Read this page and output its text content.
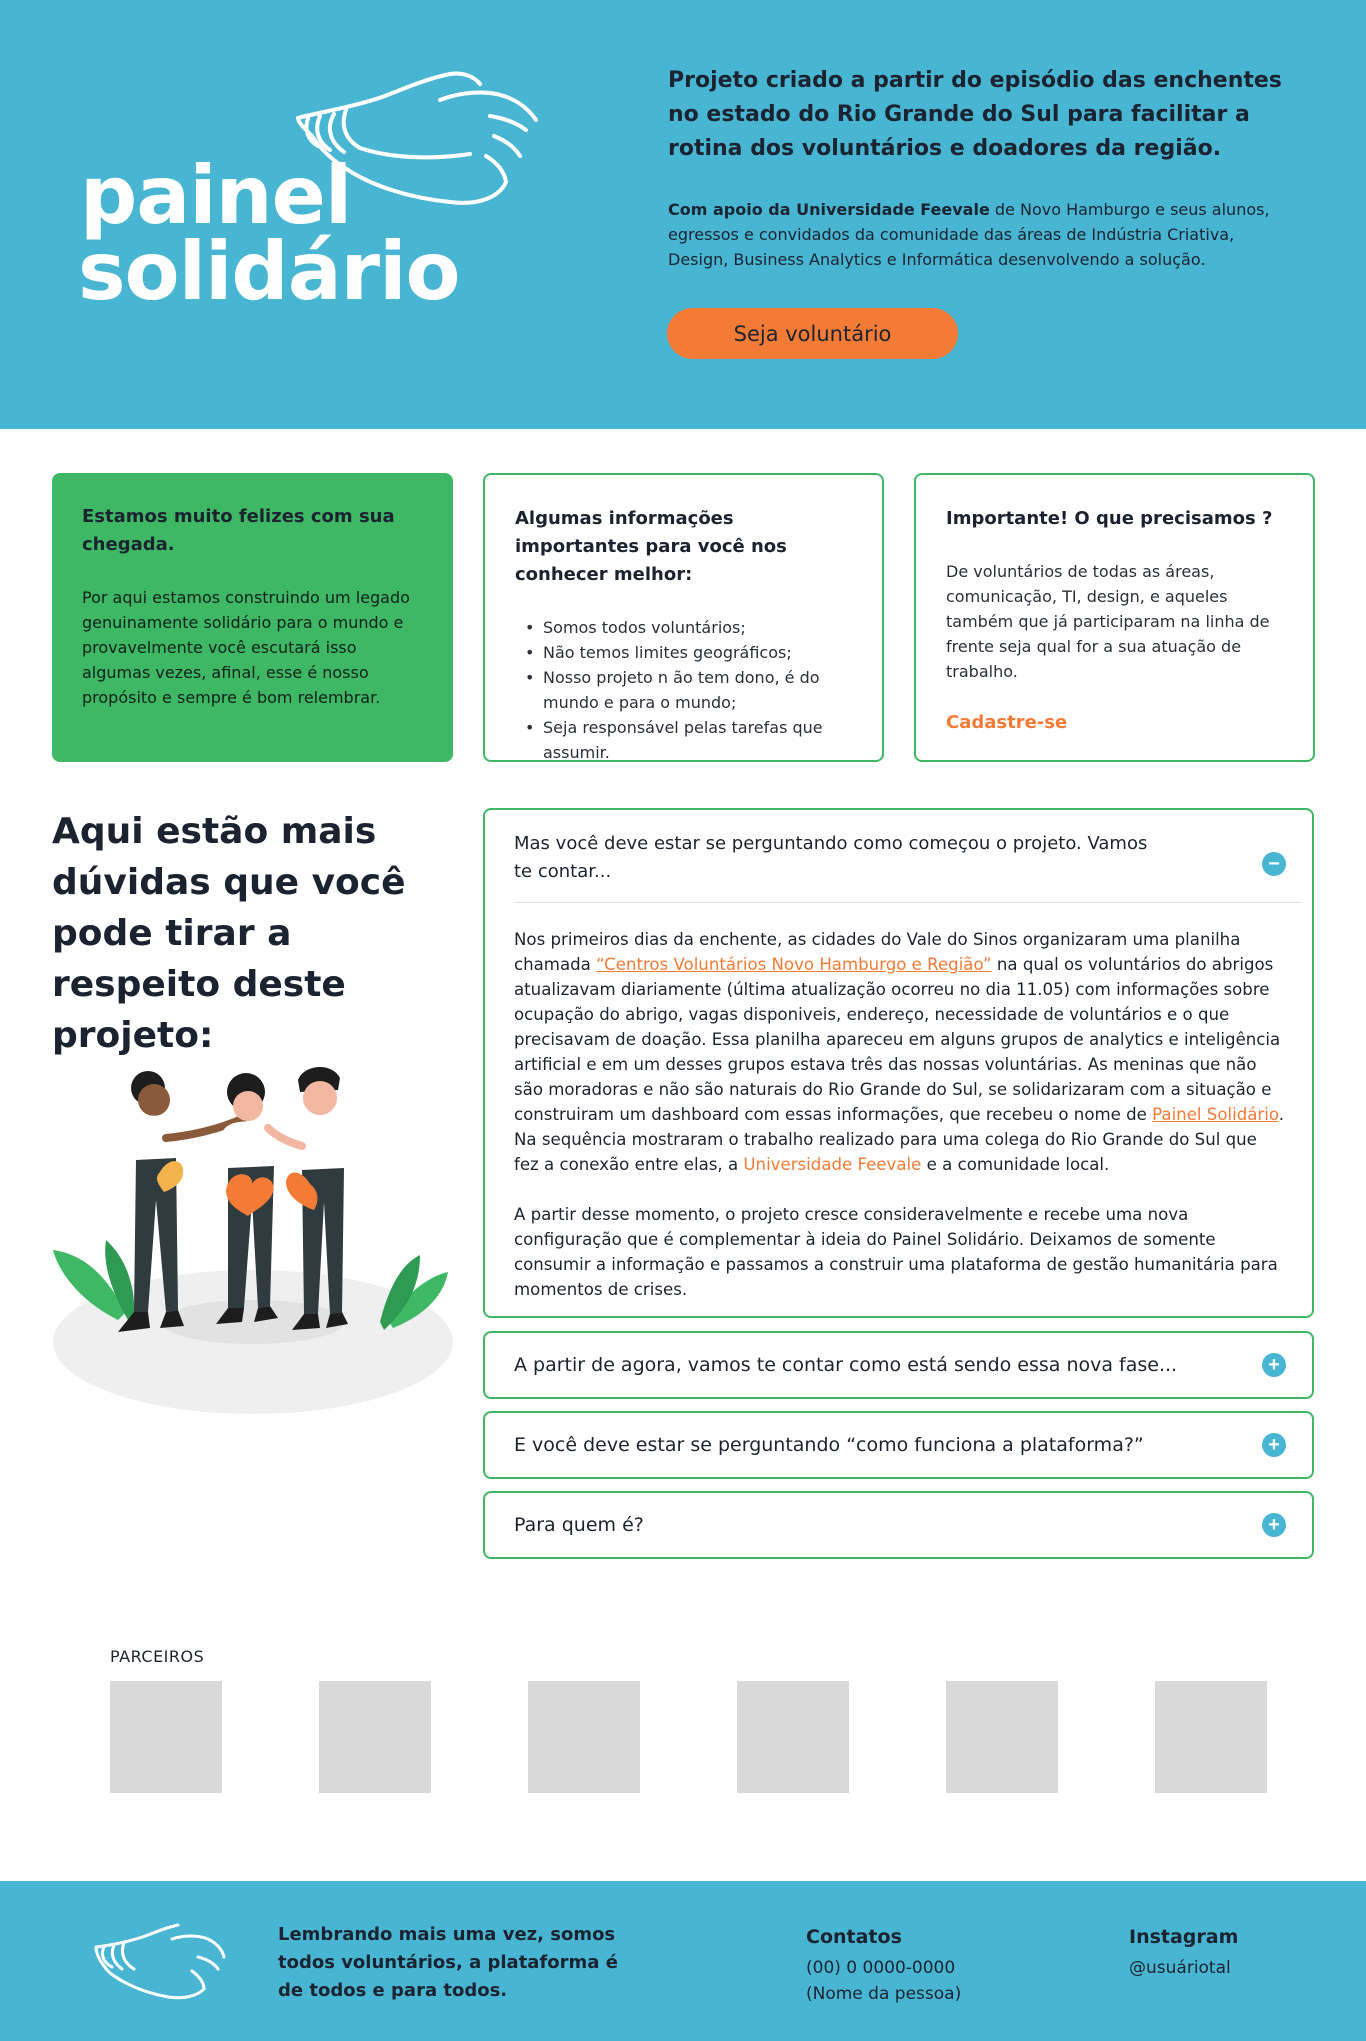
painel
solidário

Projeto criado a partir do episódio das enchentes no estado do Rio Grande do Sul para facilitar a rotina dos voluntários e doadores da região.

Com apoio da Universidade Feevale de Novo Hamburgo e seus alunos, egressos e convidados da comunidade das áreas de Indústria Criativa, Design, Business Analytics e Informática desenvolvendo a solução.

Seja voluntário
Estamos muito felizes com sua chegada.

Por aqui estamos construindo um legado genuinamente solidário para o mundo e provavelmente você escutará isso algumas vezes, afinal, esse é nosso propósito e sempre é bom relembrar.

Algumas informações importantes para você nos conhecer melhor:
• Somos todos voluntários;
• Não temos limites geográficos;
• Nosso projeto n ão tem dono, é do mundo e para o mundo;
• Seja responsável pelas tarefas que assumir.
Importante! O que precisamos ?

De voluntários de todas as áreas, comunicação, TI, design, e aqueles também que já participaram na linha de frente seja qual for a sua atuação de trabalho.

Cadastre-se
Aqui estão mais dúvidas que você pode tirar a respeito deste projeto:
Mas você deve estar se perguntando como começou o projeto. Vamos te contar...	−

Nos primeiros dias da enchente, as cidades do Vale do Sinos organizaram uma planilha chamada “Centros Voluntários Novo Hamburgo e Região” na qual os voluntários do abrigos atualizavam diariamente (última atualização ocorreu no dia 11.05) com informações sobre ocupação do abrigo, vagas disponiveis, endereço, necessidade de voluntários e o que precisavam de doação. Essa planilha apareceu em alguns grupos de analytics e inteligência artificial e em um desses grupos estava três das nossas voluntárias. As meninas que não são moradoras e não são naturais do Rio Grande do Sul, se solidarizaram com a situação e construiram um dashboard com essas informações, que recebeu o nome de Painel Solidário. Na sequência mostraram o trabalho realizado para uma colega do Rio Grande do Sul que fez a conexão entre elas, a Universidade Feevale e a comunidade local.

A partir desse momento, o projeto cresce consideravelmente e recebe uma nova configuração que é complementar à ideia do Painel Solidário. Deixamos de somente consumir a informação e passamos a construir uma plataforma de gestão humanitária para momentos de crises.

A partir de agora, vamos te contar como está sendo essa nova fase...	+
E você deve estar se perguntando “como funciona a plataforma?”	+
Para quem é?	+
PARCEIROS

Lembrando mais uma vez, somos todos voluntários, a plataforma é de todos e para todos.

Contatos
(00) 0 0000-0000
(Nome da pessoa)
Instagram
@usuáriotal
